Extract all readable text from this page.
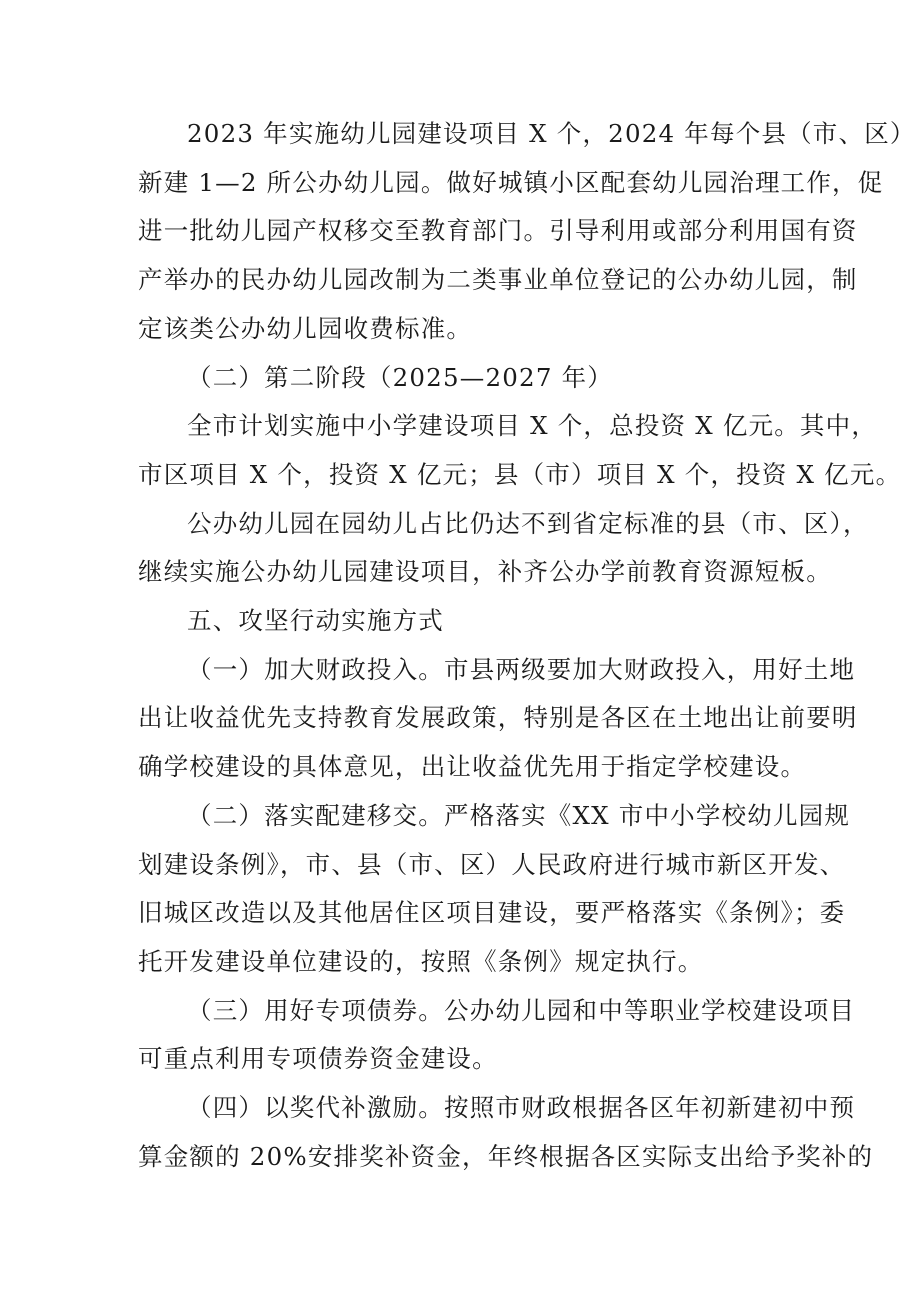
2023 年实施幼儿园建设项目 X 个，2024 年每个县（市、区）
新建 1—2 所公办幼儿园。做好城镇小区配套幼儿园治理工作，促
进一批幼儿园产权移交至教育部门。引导利用或部分利用国有资
产举办的民办幼儿园改制为二类事业单位登记的公办幼儿园，制
定该类公办幼儿园收费标准。
（二）第二阶段（2025—2027 年）
全市计划实施中小学建设项目 X 个，总投资 X 亿元。其中，
市区项目 X 个，投资 X 亿元；县（市）项目 X 个，投资 X 亿元。
公办幼儿园在园幼儿占比仍达不到省定标准的县（市、区），
继续实施公办幼儿园建设项目，补齐公办学前教育资源短板。
五、攻坚行动实施方式
（一）加大财政投入。市县两级要加大财政投入，用好土地
出让收益优先支持教育发展政策，特别是各区在土地出让前要明
确学校建设的具体意见，出让收益优先用于指定学校建设。
（二）落实配建移交。严格落实《XX 市中小学校幼儿园规
划建设条例》，市、县（市、区）人民政府进行城市新区开发、
旧城区改造以及其他居住区项目建设，要严格落实《条例》；委
托开发建设单位建设的，按照《条例》规定执行。
（三）用好专项债券。公办幼儿园和中等职业学校建设项目
可重点利用专项债券资金建设。
（四）以奖代补激励。按照市财政根据各区年初新建初中预
算金额的 20%安排奖补资金，年终根据各区实际支出给予奖补的
